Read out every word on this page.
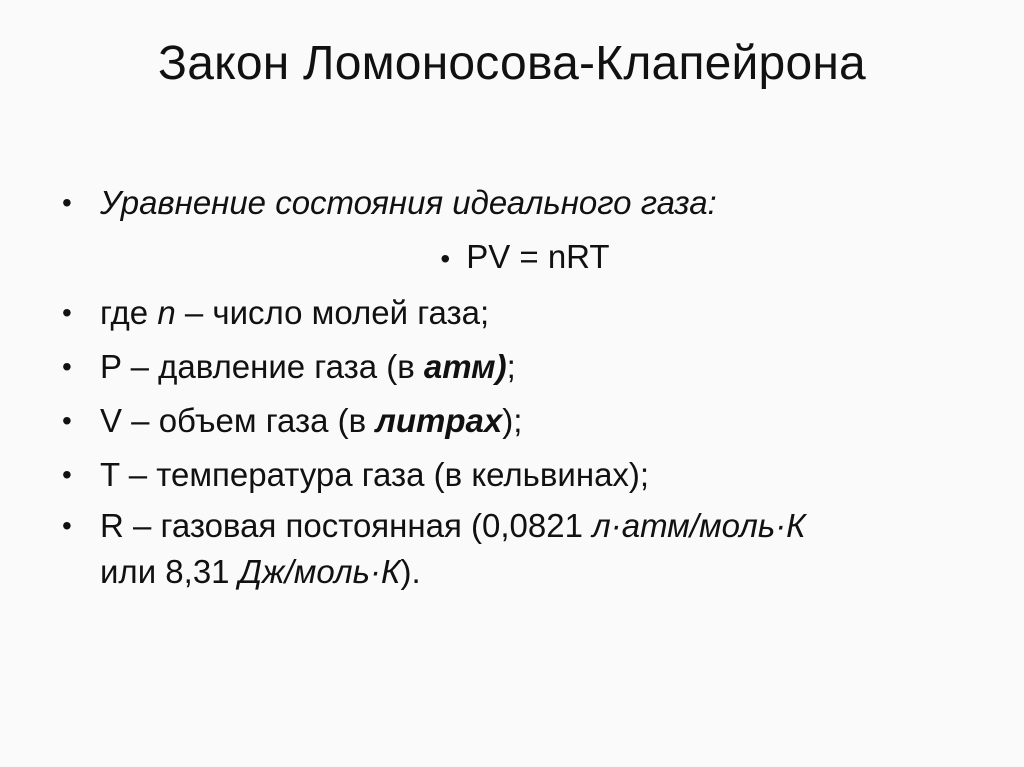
Закон Ломоносова-Клапейрона
• Уравнение состояния идеального газа:
• PV = nRT
• где n – число молей газа;
• P – давление газа (в атм);
• V – объем газа (в литрах);
• T – температура газа (в кельвинах);
• R – газовая постоянная (0,0821 л·атм/моль·К
или 8,31 Дж/моль·К).
